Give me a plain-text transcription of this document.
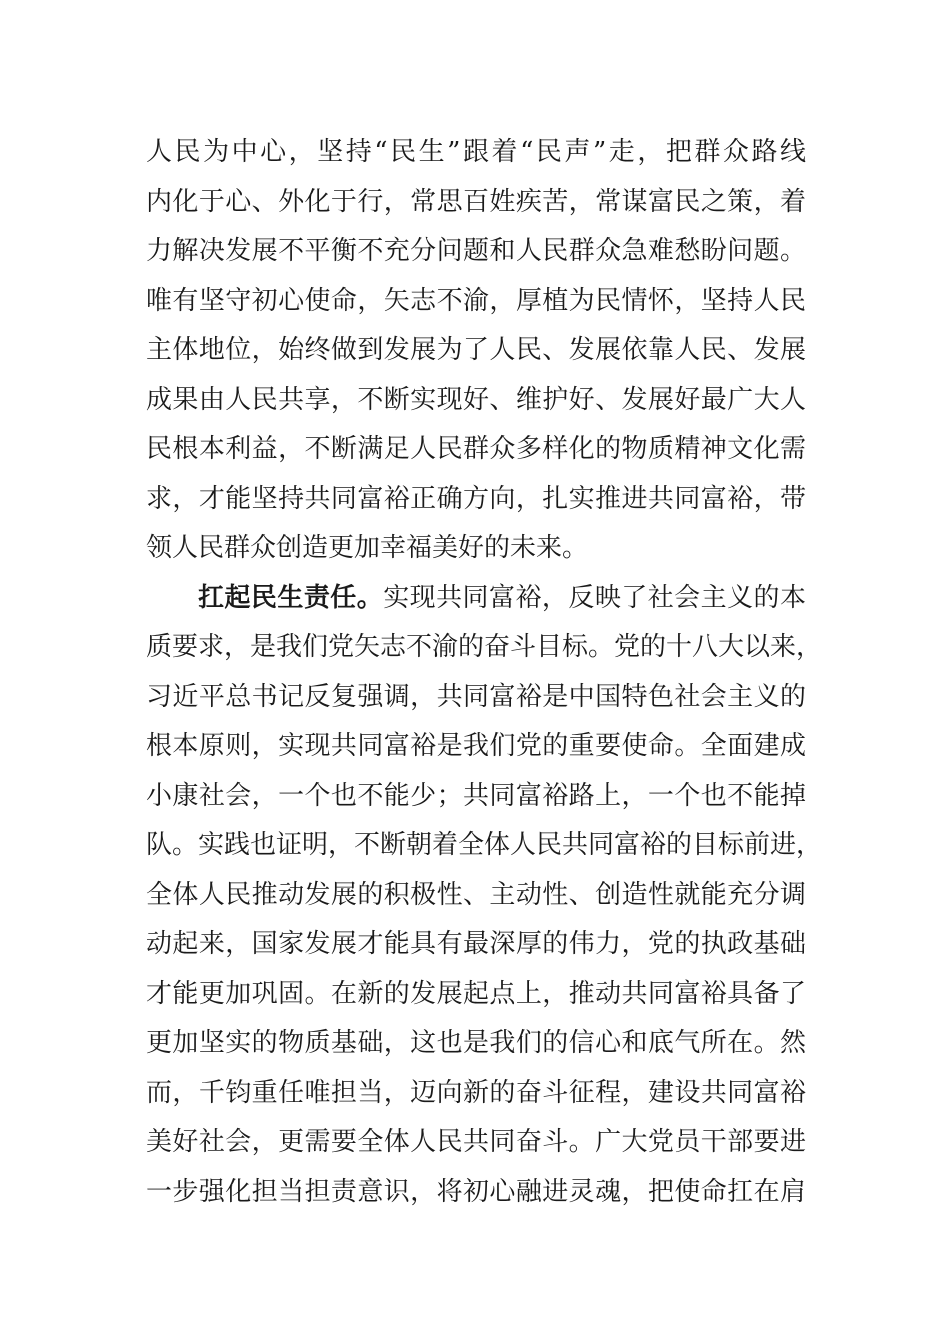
人民为中心，坚持“民生”跟着“民声”走，把群众路线
内化于心、外化于行，常思百姓疾苦，常谋富民之策，着
力解决发展不平衡不充分问题和人民群众急难愁盼问题。
唯有坚守初心使命，矢志不渝，厚植为民情怀，坚持人民
主体地位，始终做到发展为了人民、发展依靠人民、发展
成果由人民共享，不断实现好、维护好、发展好最广大人
民根本利益，不断满足人民群众多样化的物质精神文化需
求，才能坚持共同富裕正确方向，扎实推进共同富裕，带
领人民群众创造更加幸福美好的未来。
扛起民生责任。实现共同富裕，反映了社会主义的本
质要求，是我们党矢志不渝的奋斗目标。党的十八大以来，
习近平总书记反复强调，共同富裕是中国特色社会主义的
根本原则，实现共同富裕是我们党的重要使命。全面建成
小康社会，一个也不能少；共同富裕路上，一个也不能掉
队。实践也证明，不断朝着全体人民共同富裕的目标前进，
全体人民推动发展的积极性、主动性、创造性就能充分调
动起来，国家发展才能具有最深厚的伟力，党的执政基础
才能更加巩固。在新的发展起点上，推动共同富裕具备了
更加坚实的物质基础，这也是我们的信心和底气所在。然
而，千钧重任唯担当，迈向新的奋斗征程，建设共同富裕
美好社会，更需要全体人民共同奋斗。广大党员干部要进
一步强化担当担责意识，将初心融进灵魂，把使命扛在肩
